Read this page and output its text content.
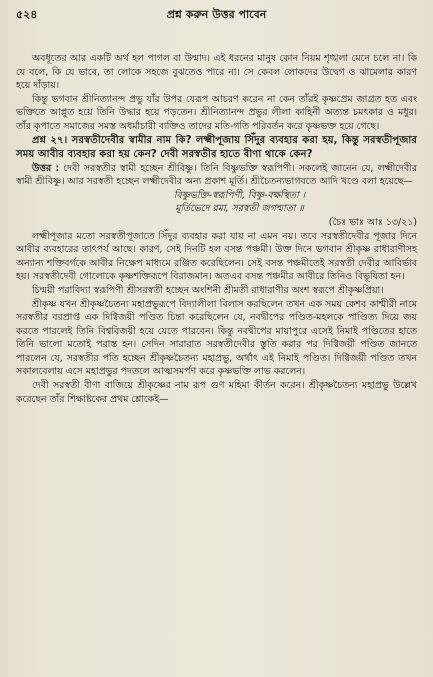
৫২৪	প্রশ্ন করুন উত্তর পাবেন

অবধূতের আর একটি অর্থ হল পাগল বা উন্মাদ। এই ধরনের মানুষ কোন নিয়ম শৃঙ্খলা মেনে চলে না। কি যে বলে, কি যে ভাবে, তা লোকে সহজে বুঝতেও পারে না। সে কেবল লোকদের উদ্বেগ ও ঝামেলার কারণ হয়ে দাঁড়ায়।

কিন্তু ভগবান শ্রীনিত্যানন্দ প্রভু যাঁর উপর যেরূপ আচরণ করেন না কেন তাঁরই কৃষ্ণপ্রেম জাগ্রত হত এবং ভক্তিতে আপ্লুত হয়ে তিনি উদ্ধার হয়ে পড়তেন। শ্রীনিত্যানন্দ প্রভুর লীলা কাহিনী অত্যন্ত চমৎকার ও মধুর। তাঁর কৃপাতে সমাজের সমস্ত অধর্মাচারী ব্যক্তিও তাদের মতি-গতি পরিবর্তন করে কৃষ্ণভক্ত হয়ে গেছে।

প্রশ্ন ২৭। সরস্বতীদেবীর স্বামীর নাম কি? লক্ষ্মীপূজায় সিঁদুর ব্যবহার করা হয়, কিন্তু সরস্বতীপূজার সময় আবীর ব্যবহার করা হয় কেন? দেবী সরস্বতীর হাতে বীণা থাকে কেন?

উত্তর : দেবী সরস্বতীর স্বামী হচ্ছেন শ্রীবিষ্ণু। তিনি বিষ্ণুভক্তি স্বরূপিণী। সকলেই জানেন যে, লক্ষ্মীদেবীর স্বামী শ্রীবিষ্ণু। আর সরস্বতী হচ্ছেন লক্ষ্মীদেবীর অন্য প্রকাশ মূর্তি। শ্রীচৈতন্যভাগবতে আদি খণ্ডে বলা হয়েছে—

বিষ্ণুভক্তি-স্বরূপিণী, বিষ্ণু-বক্ষস্থিতা ।

মূর্তিভেদে রমা, সরস্বতী জগন্মাতা ॥

(চৈঃ ভাঃ আঃ ১৩/২১)

লক্ষ্মীপূজার মতো সরস্বতীপূজাতে সিঁদুর ব্যবহার করা যায় না এমন নয়। তবে সরস্বতীদেবীর পূজার দিনে আবীর ব্যবহারের তাৎপর্য আছে। কারণ, সেই দিনটি হল বসন্ত পঞ্চমী। উক্ত দিনে ভগবান শ্রীকৃষ্ণ রাধারাণীসহ অন্যান্য শক্তিবর্গকে আবীর নিক্ষেপ মাধ্যমে রঞ্জিত করেছিলেন। সেই বসন্ত পঞ্চমীতেই সরস্বতী দেবীর আবির্ভাব হয়। সরস্বতীদেবী গোলোকে কৃষ্ণশক্তিরূপে বিরাজমান। অতএব বসন্ত পঞ্চমীর আবীরে তিনিও বিভূষিতা হন।

চিন্ময়ী পরাবিদ্যা স্বরূপিণী শ্রীসরস্বতী হচ্ছেন অংশিনী শ্রীমতী রাধারাণীর অংশ স্বরূপে শ্রীকৃষ্ণপ্রিয়া।

শ্রীকৃষ্ণ যখন শ্রীকৃষ্ণচৈতন্য মহাপ্রভুরূপে বিদ্যালীলা বিলাস করছিলেন তখন এক সময় কেশব কাশ্মীরী নামে সরস্বতীর বরপ্রাপ্ত এক দিগ্বিজয়ী পণ্ডিত চিন্তা করেছিলেন যে, নবদ্বীপের পণ্ডিত-মহলকে পাণ্ডিত্য দিয়ে জয় করতে পারলেই তিনি বিশ্ববিজয়ী হয়ে যেতে পারবেন। কিন্তু নবদ্বীপের মায়াপুরে এসেই নিমাই পণ্ডিতের হাতে তিনি ভালো মতোই পরাস্ত হন। সেদিন সারারাত সরস্বতীদেবীর স্তুতি করার পর দিগ্বিজয়ী পণ্ডিত জানতে পারলেন যে, সরস্বতীর পতি হচ্ছেন শ্রীকৃষ্ণচৈতন্য মহাপ্রভু, অর্থাৎ এই নিমাই পণ্ডিত। দিগ্বিজয়ী পণ্ডিত তখন সকালবেলায় এসে মহাপ্রভুর পদতলে আত্মসমর্পণ করে কৃষ্ণভক্তি লাভ করলেন।

দেবী সরস্বতী বীণা বাজিয়ে শ্রীকৃষ্ণের নাম রূপ গুণ মহিমা কীর্তন করেন। শ্রীকৃষ্ণচৈতন্য মহাপ্রভু উল্লেখ করেছেন তাঁর শিক্ষাষ্টকের প্রথম শ্লোকেই—
